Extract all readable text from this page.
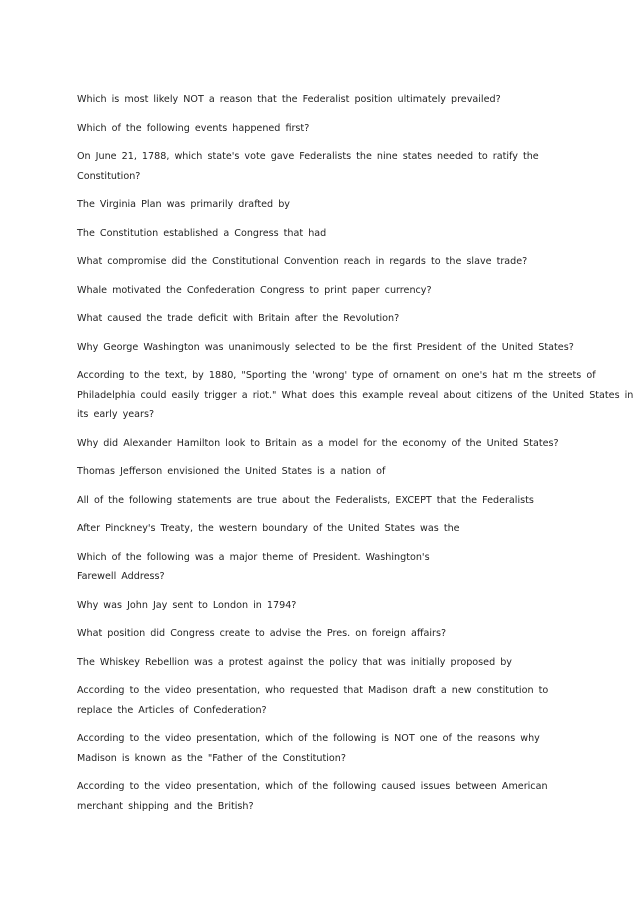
Which is most likely NOT a reason that the Federalist position ultimately prevailed?
Which of the following events happened first?
On June 21, 1788, which state's vote gave Federalists the nine states needed to ratify the
Constitution?
The Virginia Plan was primarily drafted by
The Constitution established a Congress that had
What compromise did the Constitutional Convention reach in regards to the slave trade?
Whale motivated the Confederation Congress to print paper currency?
What caused the trade deficit with Britain after the Revolution?
Why George Washington was unanimously selected to be the first President of the United States?
According to the text, by 1880, "Sporting the 'wrong' type of ornament on one's hat m the streets of
Philadelphia could easily trigger a riot." What does this example reveal about citizens of the United States in
its early years?
Why did Alexander Hamilton look to Britain as a model for the economy of the United States?
Thomas Jefferson envisioned the United States is a nation of
All of the following statements are true about the Federalists, EXCEPT that the Federalists
After Pinckney's Treaty, the western boundary of the United States was the
Which of the following was a major theme of President. Washington's
Farewell Address?
Why was John Jay sent to London in 1794?
What position did Congress create to advise the Pres. on foreign affairs?
The Whiskey Rebellion was a protest against the policy that was initially proposed by
According to the video presentation, who requested that Madison draft a new constitution to
replace the Articles of Confederation?
According to the video presentation, which of the following is NOT one of the reasons why
Madison is known as the "Father of the Constitution?
According to the video presentation, which of the following caused issues between American
merchant shipping and the British?
